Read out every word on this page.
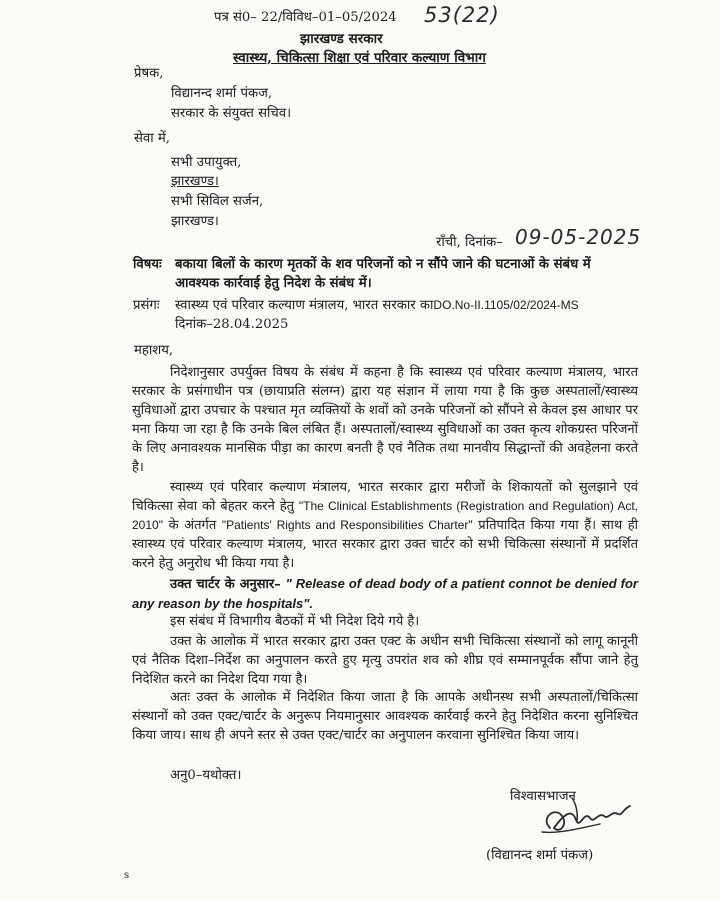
पत्र सं0– 22/विविध–01–05/2024 53(22)
झारखण्ड सरकार
स्वास्थ्य, चिकित्सा शिक्षा एवं परिवार कल्याण विभाग
प्रेषक,
विद्यानन्द शर्मा पंकज,
सरकार के संयुक्त सचिव।
सेवा में,
सभी उपायुक्त,
झारखण्ड।
सभी सिविल सर्जन,
झारखण्ड।
राँची, दिनांक– 09-05-2025
विषयः बकाया बिलों के कारण मृतकों के शव परिजनों को न सौंपे जाने की घटनाओं के संबंध में
आवश्यक कार्रवाई हेतु निदेश के संबंध में।
प्रसंगः स्वास्थ्य एवं परिवार कल्याण मंत्रालय, भारत सरकार काDO.No-II.1105/02/2024-MS
दिनांक–28.04.2025
महाशय,
निदेशानुसार उपर्युक्त विषय के संबंध में कहना है कि स्वास्थ्य एवं परिवार कल्याण मंत्रालय, भारत सरकार के प्रसंगाधीन पत्र (छायाप्रति संलग्न) द्वारा यह संज्ञान में लाया गया है कि कुछ अस्पतालों/स्वास्थ्य सुविधाओं द्वारा उपचार के पश्चात मृत व्यक्तियों के शवों को उनके परिजनों को सौंपने से केवल इस आधार पर मना किया जा रहा है कि उनके बिल लंबित हैं। अस्पतालों/स्वास्थ्य सुविधाओं का उक्त कृत्य शोकग्रस्त परिजनों के लिए अनावश्यक मानसिक पीड़ा का कारण बनती है एवं नैतिक तथा मानवीय सिद्धान्तों की अवहेलना करते है।
स्वास्थ्य एवं परिवार कल्याण मंत्रालय, भारत सरकार द्वारा मरीजों के शिकायतों को सुलझाने एवं चिकित्सा सेवा को बेहतर करने हेतु "The Clinical Establishments (Registration and Regulation) Act, 2010" के अंतर्गत "Patients' Rights and Responsibilities Charter" प्रतिपादित किया गया हैं। साथ ही स्वास्थ्य एवं परिवार कल्याण मंत्रालय, भारत सरकार द्वारा उक्त चार्टर को सभी चिकित्सा संस्थानों में प्रदर्शित करने हेतु अनुरोध भी किया गया है।
उक्त चार्टर के अनुसार– " Release of dead body of a patient connot be denied for any reason by the hospitals".
इस संबंध में विभागीय बैठकों में भी निदेश दिये गये है।
उक्त के आलोक में भारत सरकार द्वारा उक्त एक्ट के अधीन सभी चिकित्सा संस्थानों को लागू कानूनी एवं नैतिक दिशा–निर्देश का अनुपालन करते हुए मृत्यु उपरांत शव को शीघ्र एवं सम्मानपूर्वक सौंपा जाने हेतु निदेशित करने का निदेश दिया गया है।
अतः उक्त के आलोक में निदेशित किया जाता है कि आपके अधीनस्थ सभी अस्पतालों/चिकित्सा संस्थानों को उक्त एक्ट/चार्टर के अनुरूप नियमानुसार आवश्यक कार्रवाई करने हेतु निदेशित करना सुनिश्चित किया जाय। साथ ही अपने स्तर से उक्त एक्ट/चार्टर का अनुपालन करवाना सुनिश्चित किया जाय।
अनु0–यथोक्त।
विश्वासभाजन
(विद्यानन्द शर्मा पंकज)
s
